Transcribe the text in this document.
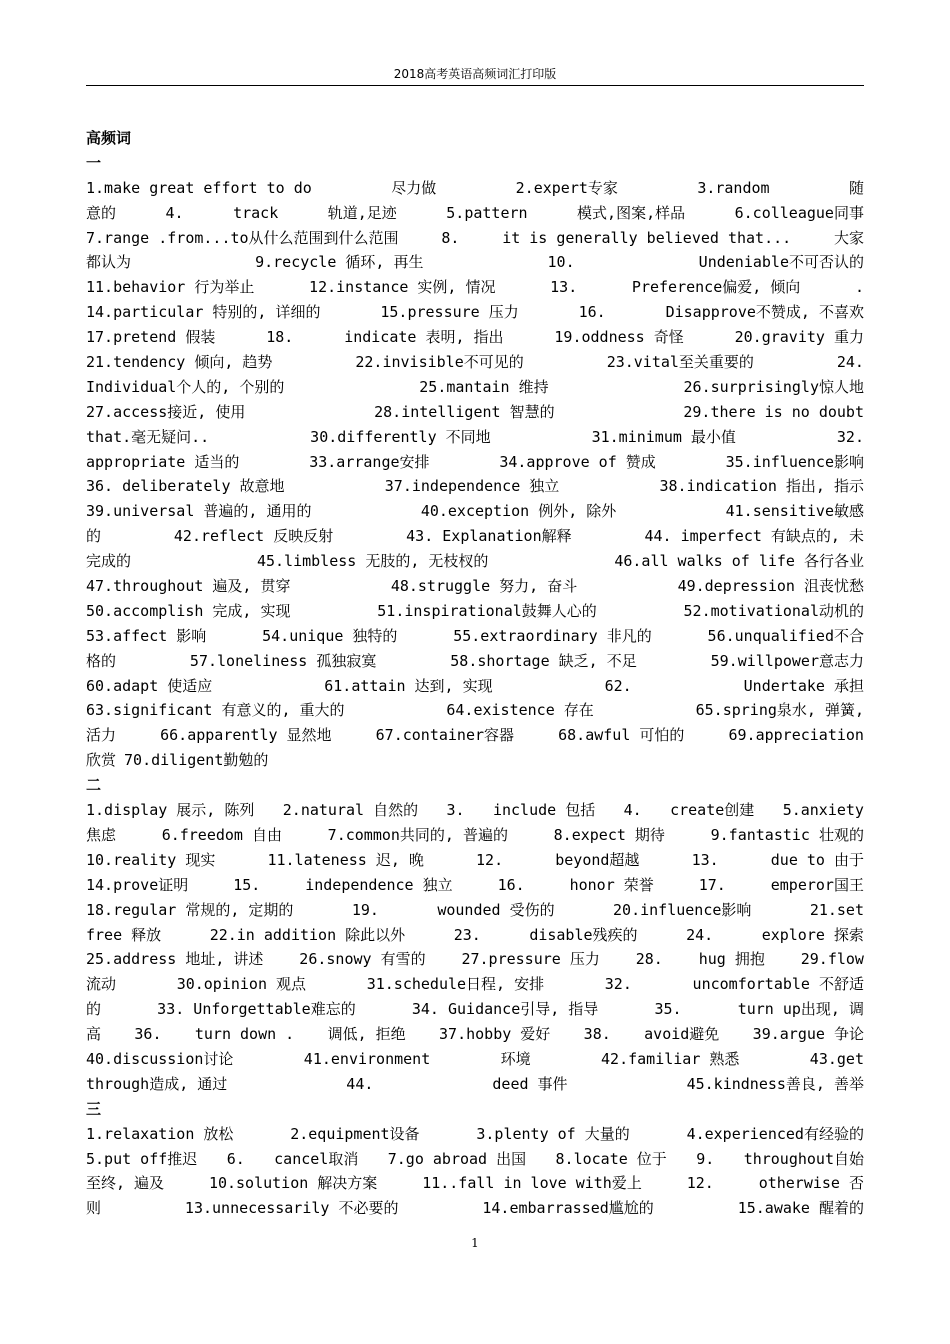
2018高考英语高频词汇打印版
高频词
一
1.make great effort to do	尽力做	2.expert专家	3.random	随
意的	4.	track	轨道,足迹	5.pattern	模式,图案,样品	6.colleague同事
7.range .from...to从什么范围到什么范围	8.	it is generally believed that...	大家
都认为	9.recycle 循环, 再生	10.	Undeniable不可否认的
11.behavior 行为举止	12.instance 实例, 情况	13.	Preference偏爱, 倾向	.
14.particular 特别的, 详细的	15.pressure 压力	16.	Disapprove不赞成, 不喜欢
17.pretend 假装	18.	indicate 表明, 指出	19.oddness 奇怪	20.gravity 重力
21.tendency 倾向, 趋势	22.invisible不可见的	23.vital至关重要的	24.
Individual个人的, 个别的	25.mantain 维持	26.surprisingly惊人地
27.access接近, 使用	28.intelligent 智慧的	29.there is no doubt
that.毫无疑问..	30.differently 不同地	31.minimum 最小值	32.
appropriate 适当的	33.arrange安排	34.approve of 赞成	35.influence影响
36. deliberately 故意地	37.independence 独立	38.indication 指出, 指示
39.universal 普遍的, 通用的	40.exception 例外, 除外	41.sensitive敏感
的	42.reflect 反映反射	43. Explanation解释	44. imperfect 有缺点的, 未
完成的	45.limbless 无肢的, 无枝杈的	46.all walks of life 各行各业
47.throughout 遍及, 贯穿	48.struggle 努力, 奋斗	49.depression 沮丧忧愁
50.accomplish 完成, 实现	51.inspirational鼓舞人心的	52.motivational动机的
53.affect 影响	54.unique 独特的	55.extraordinary 非凡的	56.unqualified不合
格的	57.loneliness 孤独寂寞	58.shortage 缺乏, 不足	59.willpower意志力
60.adapt 使适应	61.attain 达到, 实现	62.	Undertake 承担
63.significant 有意义的, 重大的	64.existence 存在	65.spring泉水, 弹簧,
活力	66.apparently 显然地	67.container容器	68.awful 可怕的	69.appreciation
欣赏 70.diligent勤勉的
二
1.display 展示, 陈列 2.natural 自然的 3. include 包括 4. create创建 5.anxiety
焦虑	6.freedom 自由	7.common共同的, 普遍的	8.expect 期待	9.fantastic 壮观的
10.reality 现实	11.lateness 迟, 晚	12.	beyond超越	13.	due to 由于
14.prove证明	15.	independence 独立	16.	honor 荣誉	17.	emperor国王
18.regular 常规的, 定期的	19.	wounded 受伤的	20.influence影响	21.set
free 释放	22.in addition 除此以外	23.	disable残疾的	24.	explore 探索
25.address 地址, 讲述 26.snowy 有雪的 27.pressure 压力 28. hug 拥抱 29.flow
流动	30.opinion 观点	31.schedule日程, 安排	32.	uncomfortable 不舒适
的	33. Unforgettable难忘的	34. Guidance引导, 指导	35.	turn up出现, 调
高 36. turn down . 调低, 拒绝 37.hobby 爱好 38. avoid避免 39.argue 争论
40.discussion讨论	41.environment	环境	42.familiar 熟悉	43.get
through造成, 通过	44.	deed 事件	45.kindness善良, 善举
三
1.relaxation 放松	2.equipment设备	3.plenty of 大量的	4.experienced有经验的
5.put off推迟 6. cancel取消 7.go abroad 出国 8.locate 位于 9. throughout自始
至终, 遍及	10.solution 解决方案	11..fall in love with爱上	12.	otherwise 否
则	13.unnecessarily 不必要的	14.embarrassed尴尬的	15.awake 醒着的
1
